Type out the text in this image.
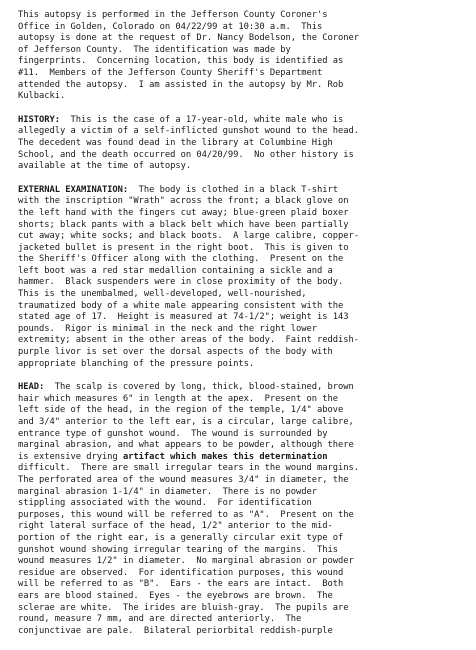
This autopsy is performed in the Jefferson County Coroner's
Office in Golden, Colorado on 04/22/99 at 10:30 a.m.  This
autopsy is done at the request of Dr. Nancy Bodelson, the Coroner
of Jefferson County.  The identification was made by
fingerprints.  Concerning location, this body is identified as
#11.  Members of the Jefferson County Sheriff's Department
attended the autopsy.  I am assisted in the autopsy by Mr. Rob
Kulbacki.
HISTORY:  This is the case of a 17-year-old, white male who is
allegedly a victim of a self-inflicted gunshot wound to the head.
The decedent was found dead in the library at Columbine High
School, and the death occurred on 04/20/99.  No other history is
available at the time of autopsy.
EXTERNAL EXAMINATION:  The body is clothed in a black T-shirt
with the inscription "Wrath" across the front; a black glove on
the left hand with the fingers cut away; blue-green plaid boxer
shorts; black pants with a black belt which have been partially
cut away; white socks; and black boots.  A large calibre, copper-
jacketed bullet is present in the right boot.  This is given to
the Sheriff's Officer along with the clothing.  Present on the
left boot was a red star medallion containing a sickle and a
hammer.  Black suspenders were in close proximity of the body.
This is the unembalmed, well-developed, well-nourished,
traumatized body of a white male appearing consistent with the
stated age of 17.  Height is measured at 74-1/2"; weight is 143
pounds.  Rigor is minimal in the neck and the right lower
extremity; absent in the other areas of the body.  Faint reddish-
purple livor is set over the dorsal aspects of the body with
appropriate blanching of the pressure points.
HEAD:  The scalp is covered by long, thick, blood-stained, brown
hair which measures 6" in length at the apex.  Present on the
left side of the head, in the region of the temple, 1/4" above
and 3/4" anterior to the left ear, is a circular, large calibre,
entrance type of gunshot wound.  The wound is surrounded by
marginal abrasion, and what appears to be powder, although there
is extensive drying artifact which makes this determination
difficult.  There are small irregular tears in the wound margins.
The perforated area of the wound measures 3/4" in diameter, the
marginal abrasion 1-1/4" in diameter.  There is no powder
stippling associated with the wound.  For identification
purposes, this wound will be referred to as "A".  Present on the
right lateral surface of the head, 1/2" anterior to the mid-
portion of the right ear, is a generally circular exit type of
gunshot wound showing irregular tearing of the margins.  This
wound measures 1/2" in diameter.  No marginal abrasion or powder
residue are observed.  For identification purposes, this wound
will be referred to as "B".  Ears - the ears are intact.  Both
ears are blood stained.  Eyes - the eyebrows are brown.  The
sclerae are white.  The irides are bluish-gray.  The pupils are
round, measure 7 mm, and are directed anteriorly.  The
conjunctivae are pale.  Bilateral periorbital reddish-purple
